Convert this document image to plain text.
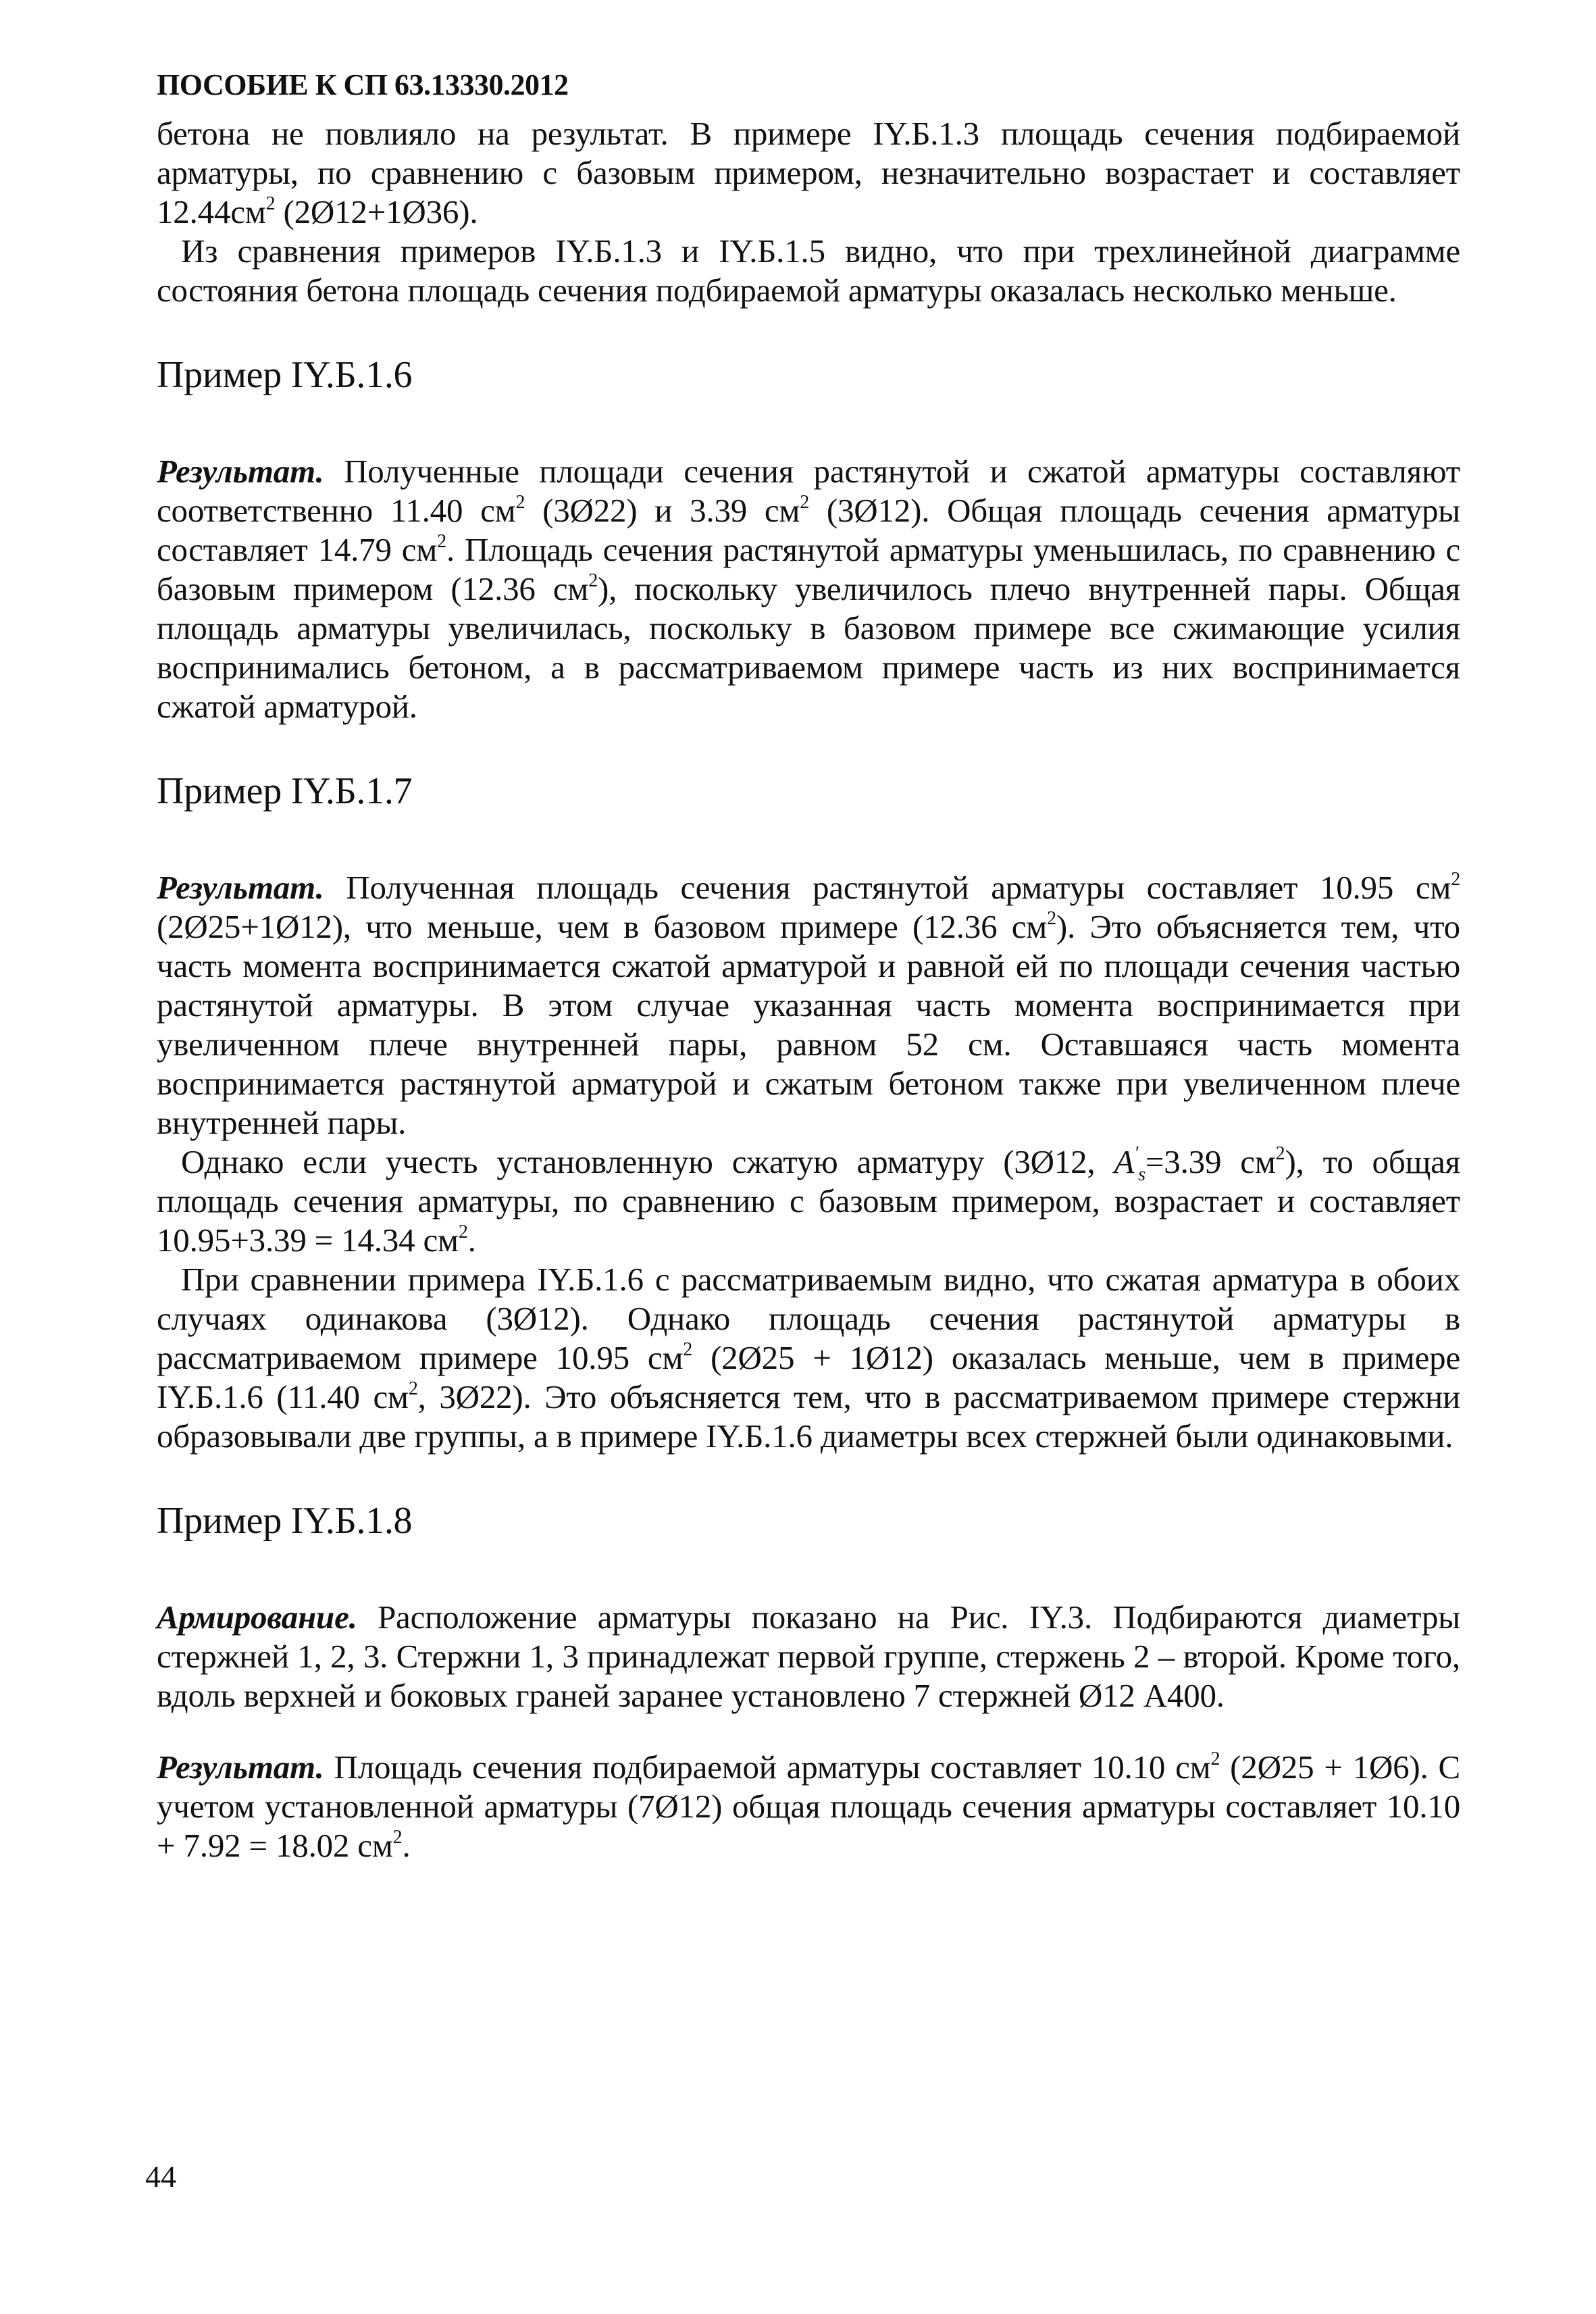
ПОСОБИЕ К СП 63.13330.2012

бетона не повлияло на результат. В примере IY.Б.1.3 площадь сечения подбираемой арматуры, по сравнению с базовым примером, незначительно возрастает и составляет $12.44см^2$ (2Ø12+1Ø36).

Из сравнения примеров IY.Б.1.3 и IY.Б.1.5 видно, что при трехлинейной диаграмме состояния бетона площадь сечения подбираемой арматуры оказалась несколько меньше.

Пример IY.Б.1.6

Результат. Полученные площади сечения растянутой и сжатой арматуры составляют соответственно 11.40 $см^2$ (3Ø22) и 3.39 $см^2$ (3Ø12). Общая площадь сечения арматуры составляет 14.79 $см^2$. Площадь сечения растянутой арматуры уменьшилась, по сравнению с базовым примером (12.36 $см^2$), поскольку увеличилось плечо внутренней пары. Общая площадь арматуры увеличилась, поскольку в базовом примере все сжимающие усилия воспринимались бетоном, а в рассматриваемом примере часть из них воспринимается сжатой арматурой.

Пример IY.Б.1.7

Результат. Полученная площадь сечения растянутой арматуры составляет 10.95 $см^2$ (2Ø25+1Ø12), что меньше, чем в базовом примере (12.36 $см^2$). Это объясняется тем, что часть момента воспринимается сжатой арматурой и равной ей по площади сечения частью растянутой арматуры. В этом случае указанная часть момента воспринимается при увеличенном плече внутренней пары, равном 52 см. Оставшаяся часть момента воспринимается растянутой арматурой и сжатым бетоном также при увеличенном плече внутренней пары.

Однако если учесть установленную сжатую арматуру (3Ø12, $A'_s=3.39$ $см^2$), то общая площадь сечения арматуры, по сравнению с базовым примером, возрастает и составляет 10.95+3.39 = 14.34 $см^2$.

При сравнении примера IY.Б.1.6 с рассматриваемым видно, что сжатая арматура в обоих случаях одинакова (3Ø12). Однако площадь сечения растянутой арматуры в рассматриваемом примере 10.95 $см^2$ (2Ø25 + 1Ø12) оказалась меньше, чем в примере IY.Б.1.6 (11.40 $см^2$, 3Ø22). Это объясняется тем, что в рассматриваемом примере стержни образовывали две группы, а в примере IY.Б.1.6 диаметры всех стержней были одинаковыми.

Пример IY.Б.1.8

Армирование. Расположение арматуры показано на Рис. IY.3. Подбираются диаметры стержней 1, 2, 3. Стержни 1, 3 принадлежат первой группе, стержень 2 – второй. Кроме того, вдоль верхней и боковых граней заранее установлено 7 стержней Ø12 А400.

Результат. Площадь сечения подбираемой арматуры составляет 10.10 $см^2$ (2Ø25 + 1Ø6). С учетом установленной арматуры (7Ø12) общая площадь сечения арматуры составляет 10.10 + 7.92 = 18.02 $см^2$.

44
